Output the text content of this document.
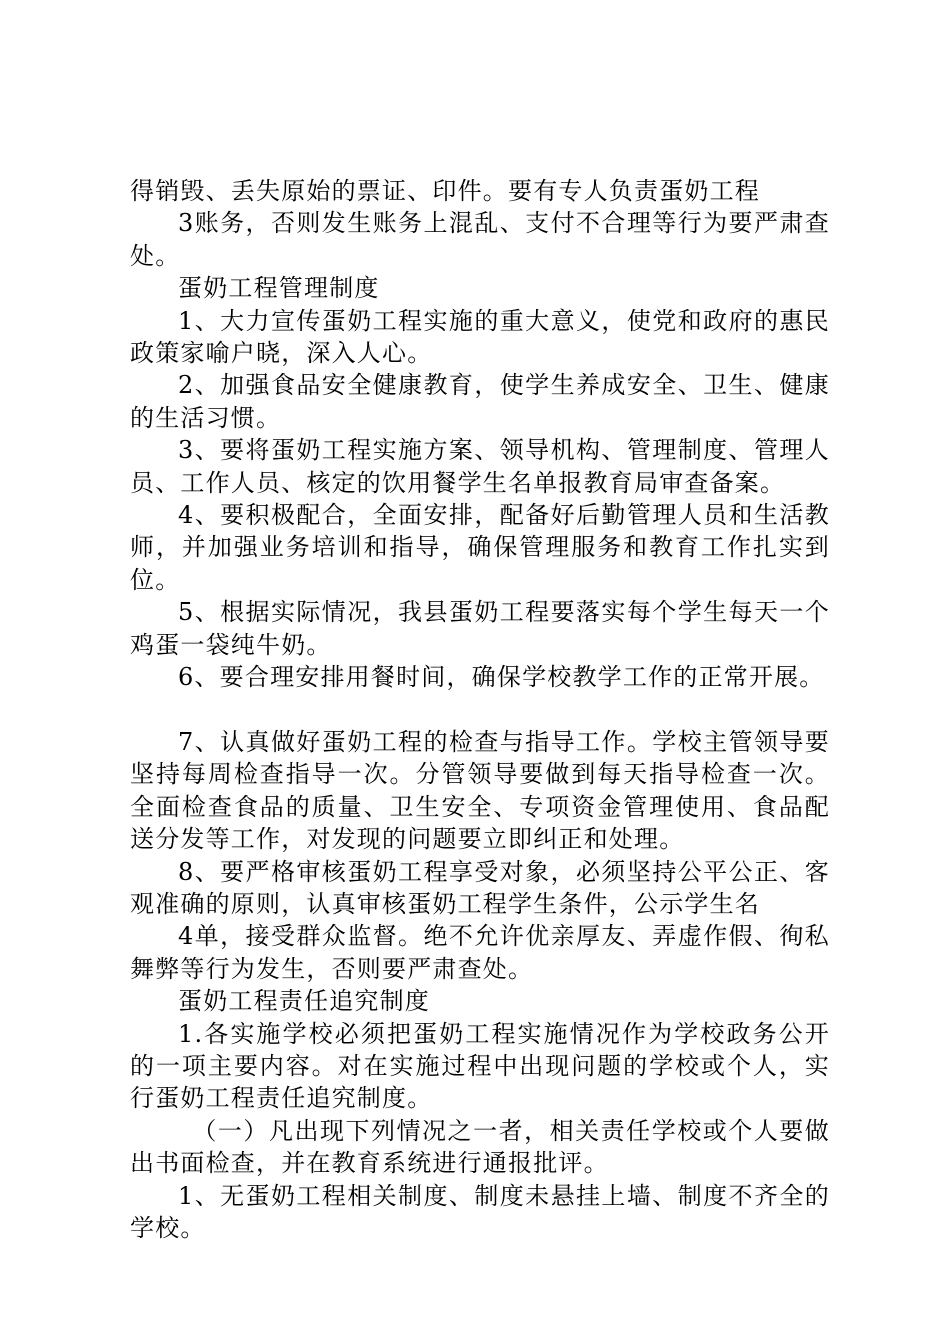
得销毁、丢失原始的票证、印件。要有专人负责蛋奶工程

3账务，否则发生账务上混乱、支付不合理等行为要严肃查处。

蛋奶工程管理制度

1、大力宣传蛋奶工程实施的重大意义，使党和政府的惠民政策家喻户晓，深入人心。

2、加强食品安全健康教育，使学生养成安全、卫生、健康的生活习惯。

3、要将蛋奶工程实施方案、领导机构、管理制度、管理人员、工作人员、核定的饮用餐学生名单报教育局审查备案。

4、要积极配合，全面安排，配备好后勤管理人员和生活教师，并加强业务培训和指导，确保管理服务和教育工作扎实到位。

5、根据实际情况，我县蛋奶工程要落实每个学生每天一个鸡蛋一袋纯牛奶。

6、要合理安排用餐时间，确保学校教学工作的正常开展。

7、认真做好蛋奶工程的检查与指导工作。学校主管领导要坚持每周检查指导一次。分管领导要做到每天指导检查一次。全面检查食品的质量、卫生安全、专项资金管理使用、食品配送分发等工作，对发现的问题要立即纠正和处理。

8、要严格审核蛋奶工程享受对象，必须坚持公平公正、客观准确的原则，认真审核蛋奶工程学生条件，公示学生名

4单，接受群众监督。绝不允许优亲厚友、弄虚作假、徇私舞弊等行为发生，否则要严肃查处。

蛋奶工程责任追究制度

1.各实施学校必须把蛋奶工程实施情况作为学校政务公开的一项主要内容。对在实施过程中出现问题的学校或个人，实行蛋奶工程责任追究制度。

（一）凡出现下列情况之一者，相关责任学校或个人要做出书面检查，并在教育系统进行通报批评。

1、无蛋奶工程相关制度、制度未悬挂上墙、制度不齐全的学校。
